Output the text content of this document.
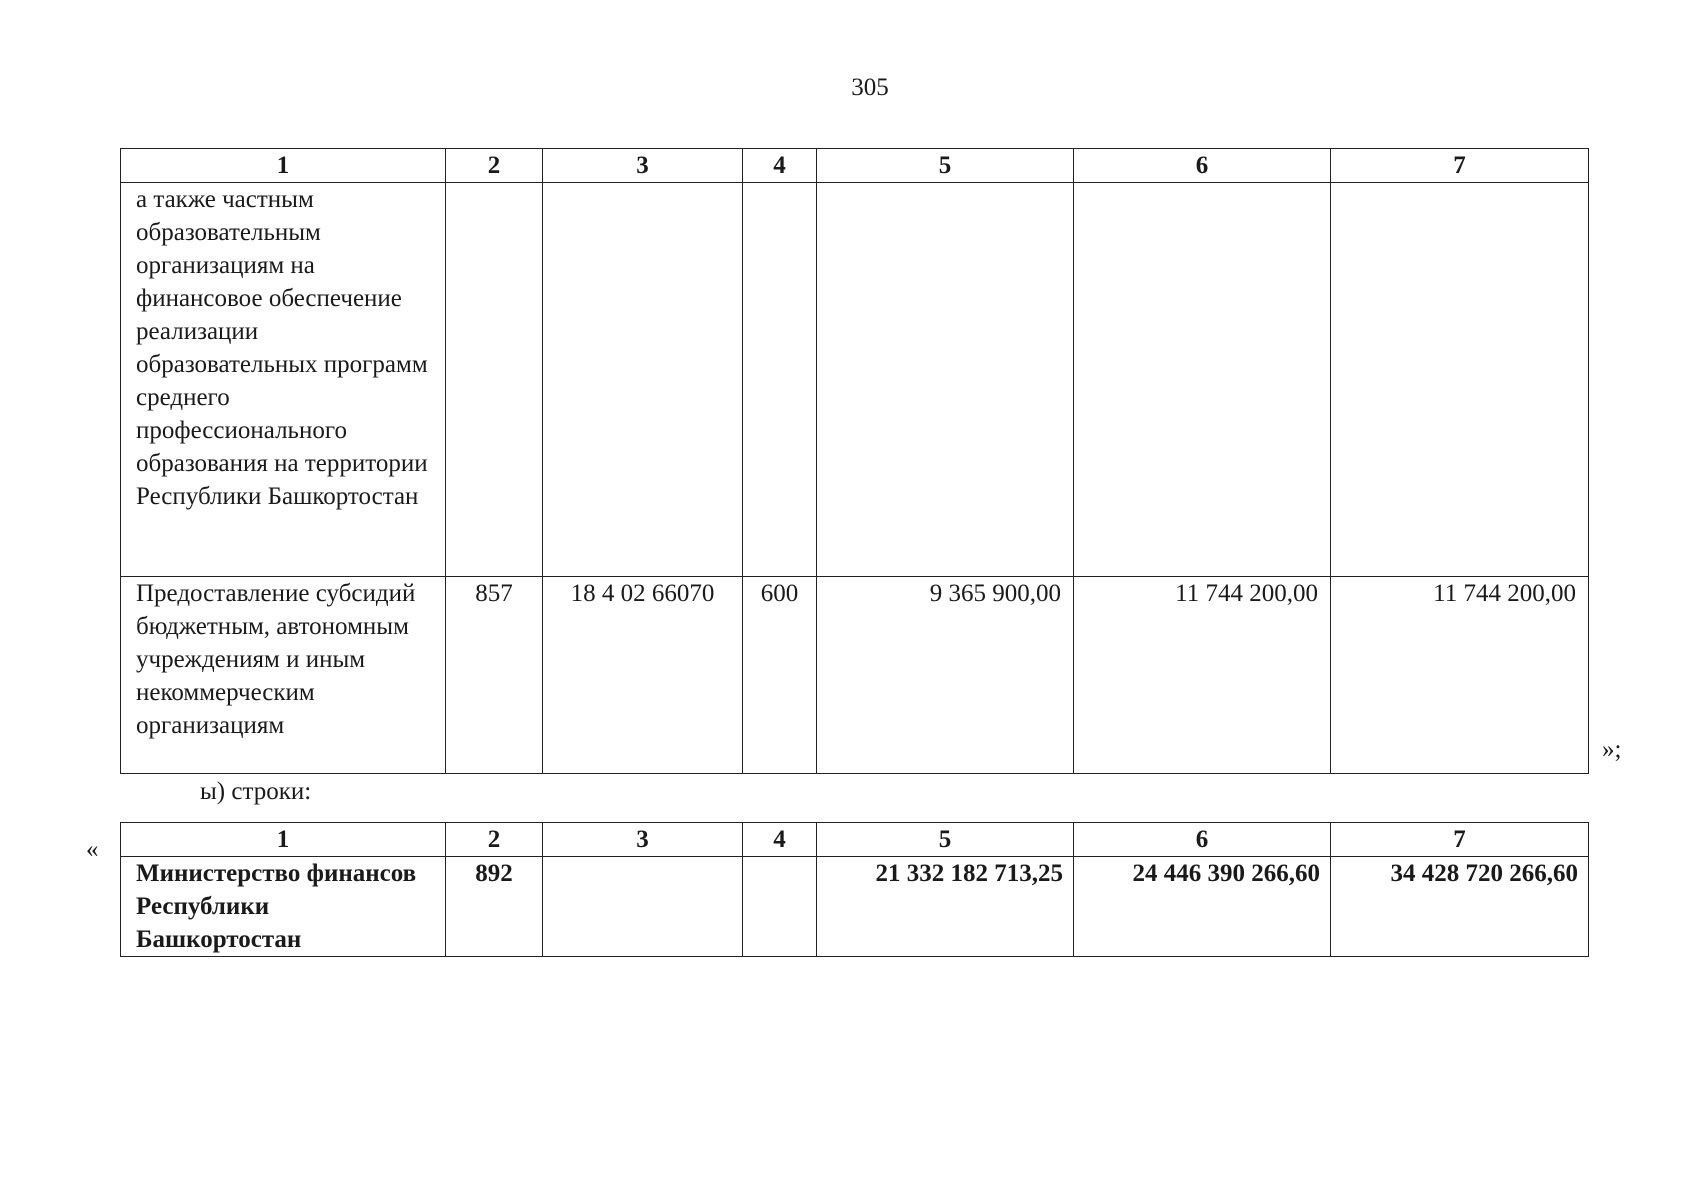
305
1	2	3	4	5	6	7
а также частным образовательным организациям на финансовое обеспечение реализации образовательных программ среднего профессионального образования на территории Республики Башкортостан						
Предоставление субсидий бюджетным, автономным учреждениям и иным некоммерческим организациям	857	18 4 02 66070	600	9 365 900,00	11 744 200,00	11 744 200,00
»;
ы) строки:
«	1	2	3	4	5	6	7
Министерство финансов Республики Башкортостан	892			21 332 182 713,25	24 446 390 266,60	34 428 720 266,60
